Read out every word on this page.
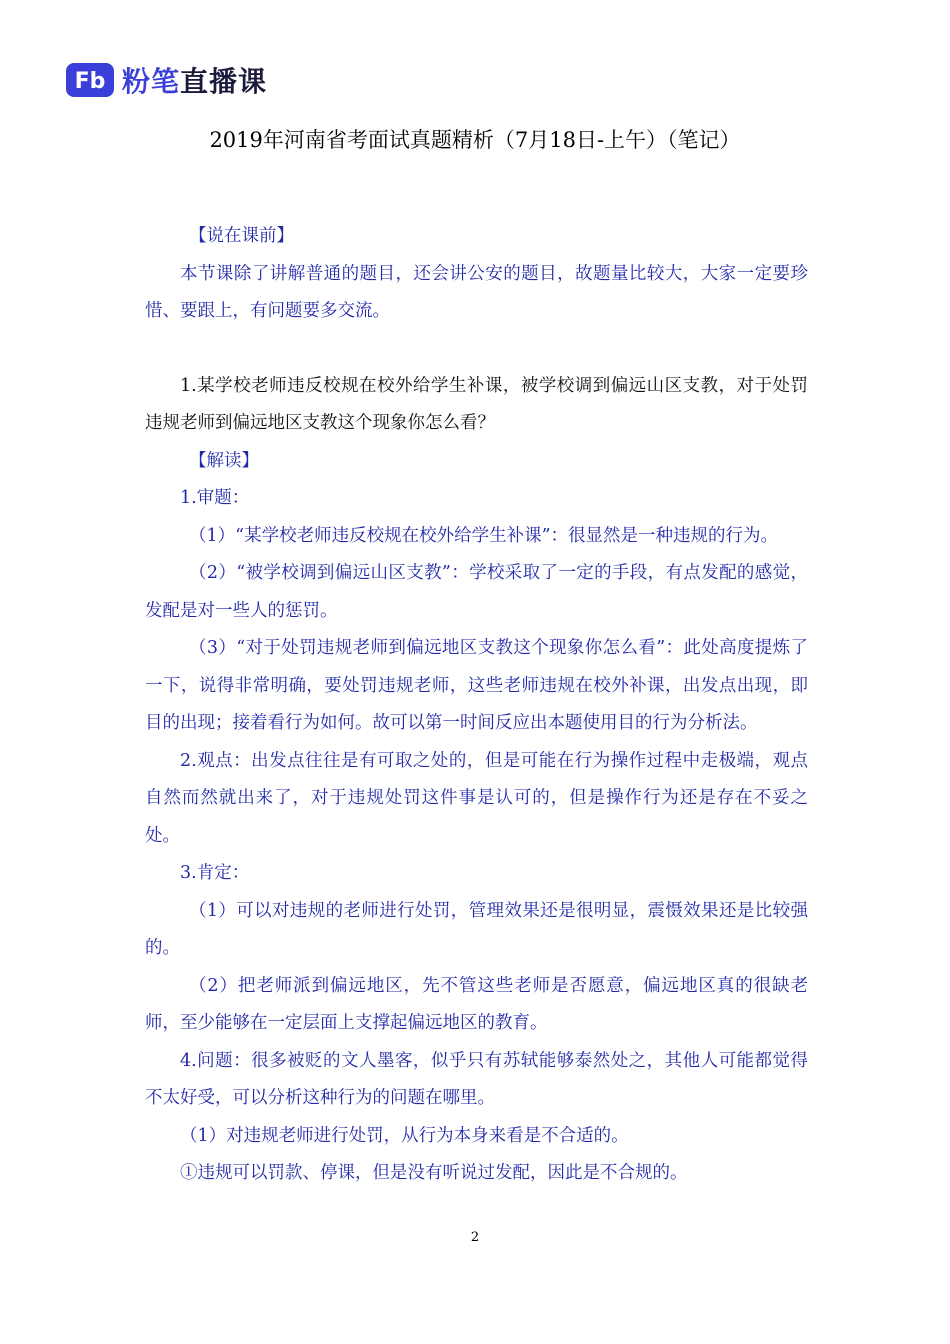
Fb 粉笔直播课
2019年河南省考面试真题精析（7月18日-上午）（笔记）

【说在课前】

本节课除了讲解普通的题目，还会讲公安的题目，故题量比较大，大家一定要珍惜、要跟上，有问题要多交流。

1.某学校老师违反校规在校外给学生补课，被学校调到偏远山区支教，对于处罚违规老师到偏远地区支教这个现象你怎么看？

【解读】

1.审题：

（1）“某学校老师违反校规在校外给学生补课”：很显然是一种违规的行为。

（2）“被学校调到偏远山区支教”：学校采取了一定的手段，有点发配的感觉，发配是对一些人的惩罚。

（3）“对于处罚违规老师到偏远地区支教这个现象你怎么看”：此处高度提炼了一下，说得非常明确，要处罚违规老师，这些老师违规在校外补课，出发点出现，即目的出现；接着看行为如何。故可以第一时间反应出本题使用目的行为分析法。

2.观点：出发点往往是有可取之处的，但是可能在行为操作过程中走极端，观点自然而然就出来了，对于违规处罚这件事是认可的，但是操作行为还是存在不妥之处。

3.肯定：

（1）可以对违规的老师进行处罚，管理效果还是很明显，震慑效果还是比较强的。

（2）把老师派到偏远地区，先不管这些老师是否愿意，偏远地区真的很缺老师，至少能够在一定层面上支撑起偏远地区的教育。

4.问题：很多被贬的文人墨客，似乎只有苏轼能够泰然处之，其他人可能都觉得不太好受，可以分析这种行为的问题在哪里。

（1）对违规老师进行处罚，从行为本身来看是不合适的。

①违规可以罚款、停课，但是没有听说过发配，因此是不合规的。

2
